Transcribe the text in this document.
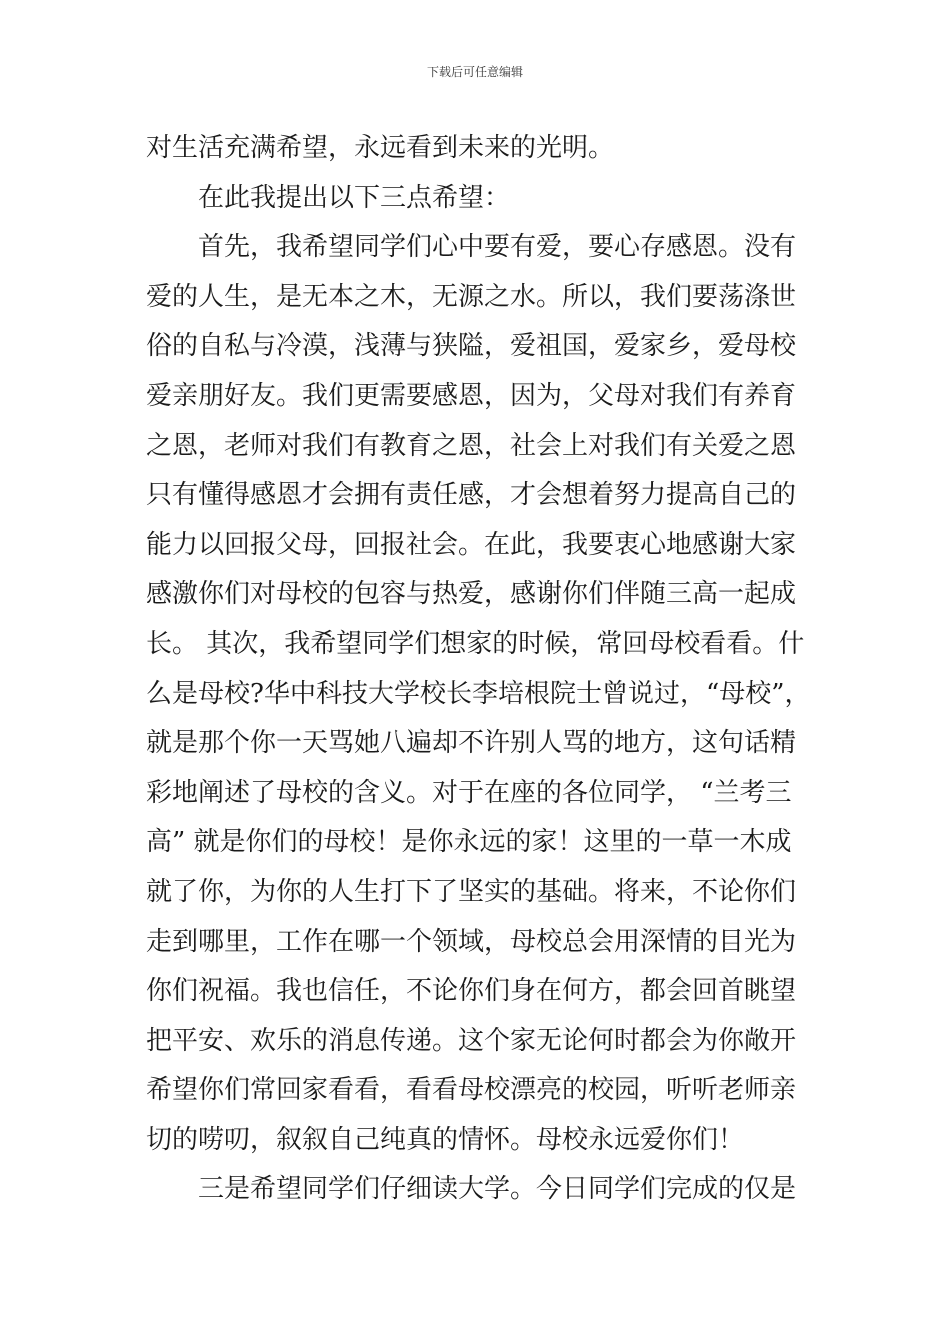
下载后可任意编辑
对生活充满希望，永远看到未来的光明。
在此我提出以下三点希望：
首先，我希望同学们心中要有爱，要心存感恩。没有
爱的人生，是无本之木，无源之水。所以，我们要荡涤世
俗的自私与冷漠，浅薄与狭隘，爱祖国，爱家乡，爱母校
爱亲朋好友。我们更需要感恩，因为，父母对我们有养育
之恩，老师对我们有教育之恩，社会上对我们有关爱之恩
只有懂得感恩才会拥有责任感，才会想着努力提高自己的
能力以回报父母，回报社会。在此，我要衷心地感谢大家
感激你们对母校的包容与热爱，感谢你们伴随三高一起成
长。 其次，我希望同学们想家的时候，常回母校看看。什
么是母校?华中科技大学校长李培根院士曾说过，“母校”，
就是那个你一天骂她八遍却不许别人骂的地方，这句话精
彩地阐述了母校的含义。对于在座的各位同学， “兰考三
高” 就是你们的母校！是你永远的家！这里的一草一木成
就了你，为你的人生打下了坚实的基础。将来，不论你们
走到哪里，工作在哪一个领域，母校总会用深情的目光为
你们祝福。我也信任，不论你们身在何方，都会回首眺望
把平安、欢乐的消息传递。这个家无论何时都会为你敞开
希望你们常回家看看，看看母校漂亮的校园，听听老师亲
切的唠叨，叙叙自己纯真的情怀。母校永远爱你们！
三是希望同学们仔细读大学。今日同学们完成的仅是
